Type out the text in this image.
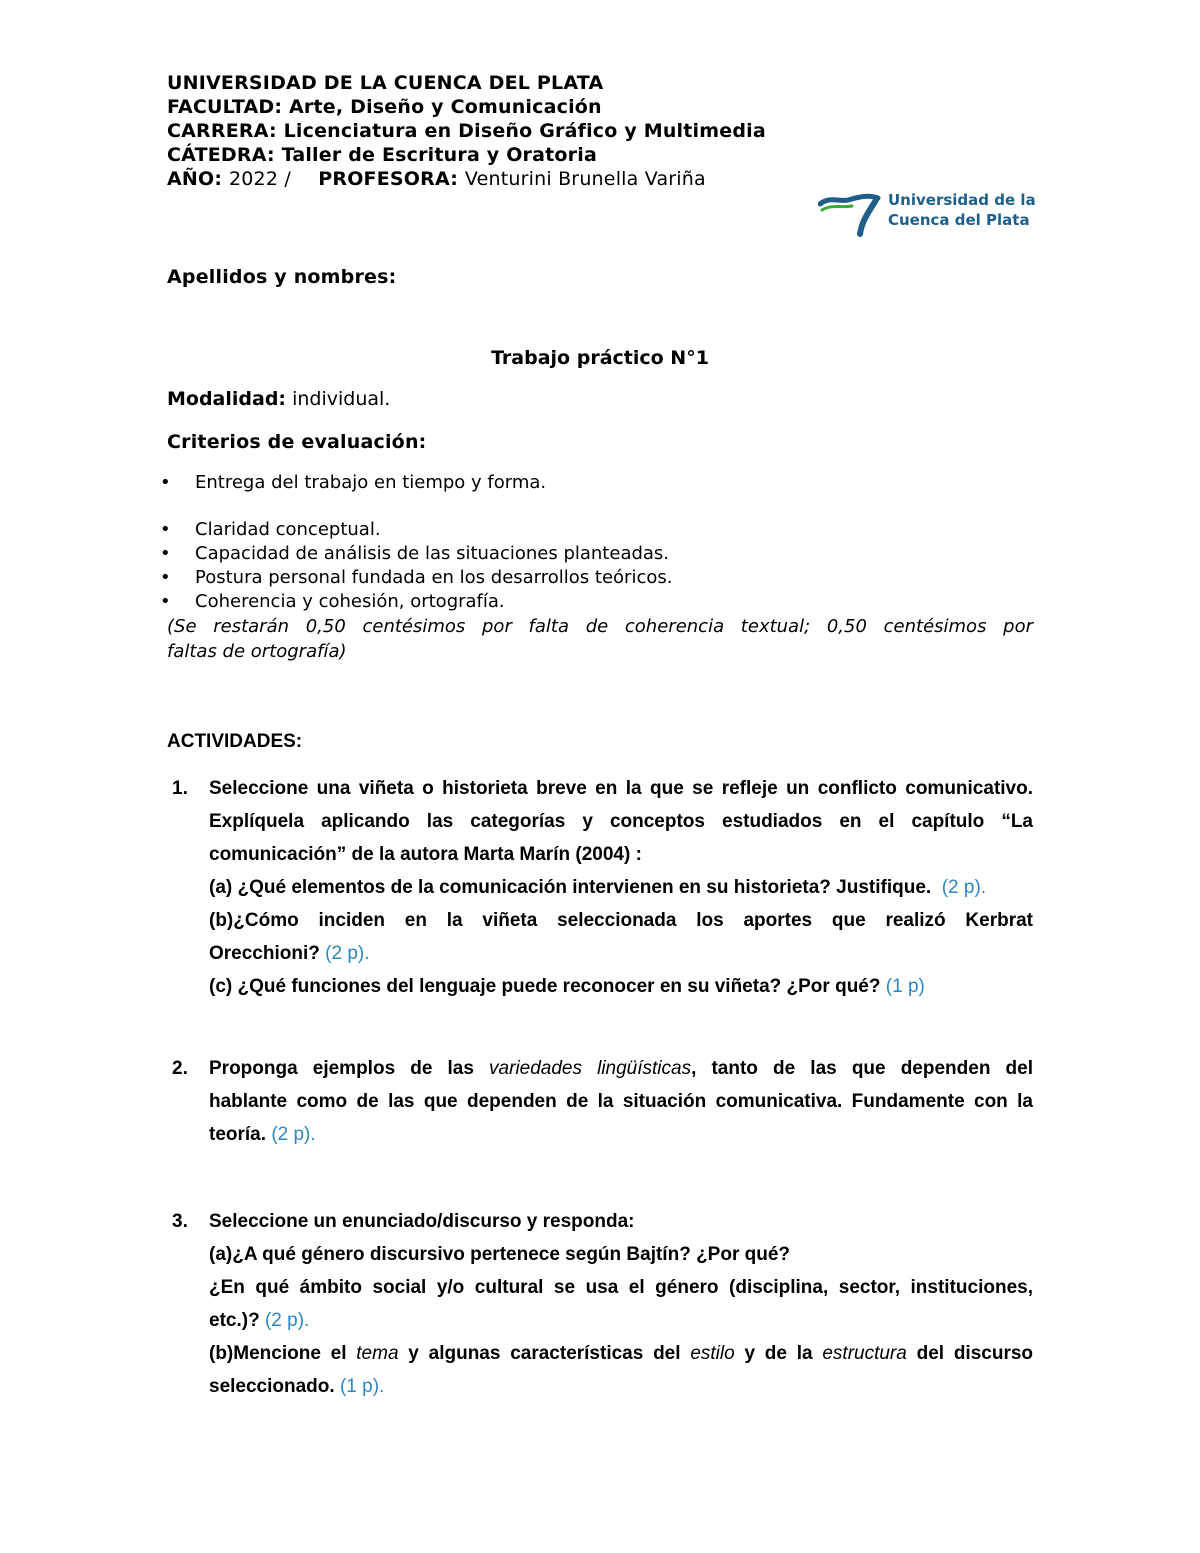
UNIVERSIDAD DE LA CUENCA DEL PLATA
FACULTAD: Arte, Diseño y Comunicación
CARRERA: Licenciatura en Diseño Gráfico y Multimedia
CÁTEDRA: Taller de Escritura y Oratoria
AÑO: 2022 / PROFESORA: Venturini Brunella Variña
Universidad de la
Cuenca del Plata
Apellidos y nombres:
Trabajo práctico N°1
Modalidad: individual.
Criterios de evaluación:
• Entrega del trabajo en tiempo y forma.
• Claridad conceptual.
• Capacidad de análisis de las situaciones planteadas.
• Postura personal fundada en los desarrollos teóricos.
• Coherencia y cohesión, ortografía.
(Se restarán 0,50 centésimos por falta de coherencia textual; 0,50 centésimos por
faltas de ortografía)
ACTIVIDADES:
1. Seleccione una viñeta o historieta breve en la que se refleje un conflicto comunicativo.
Explíquela aplicando las categorías y conceptos estudiados en el capítulo “La
comunicación” de la autora Marta Marín (2004) :
(a) ¿Qué elementos de la comunicación intervienen en su historieta? Justifique. (2 p).
(b)¿Cómo inciden en la viñeta seleccionada los aportes que realizó Kerbrat
Orecchioni? (2 p).
(c) ¿Qué funciones del lenguaje puede reconocer en su viñeta? ¿Por qué? (1 p)
2. Proponga ejemplos de las variedades lingüísticas, tanto de las que dependen del
hablante como de las que dependen de la situación comunicativa. Fundamente con la
teoría. (2 p).
3. Seleccione un enunciado/discurso y responda:
(a)¿A qué género discursivo pertenece según Bajtín? ¿Por qué?
¿En qué ámbito social y/o cultural se usa el género (disciplina, sector, instituciones,
etc.)? (2 p).
(b)Mencione el tema y algunas características del estilo y de la estructura del discurso
seleccionado. (1 p).
